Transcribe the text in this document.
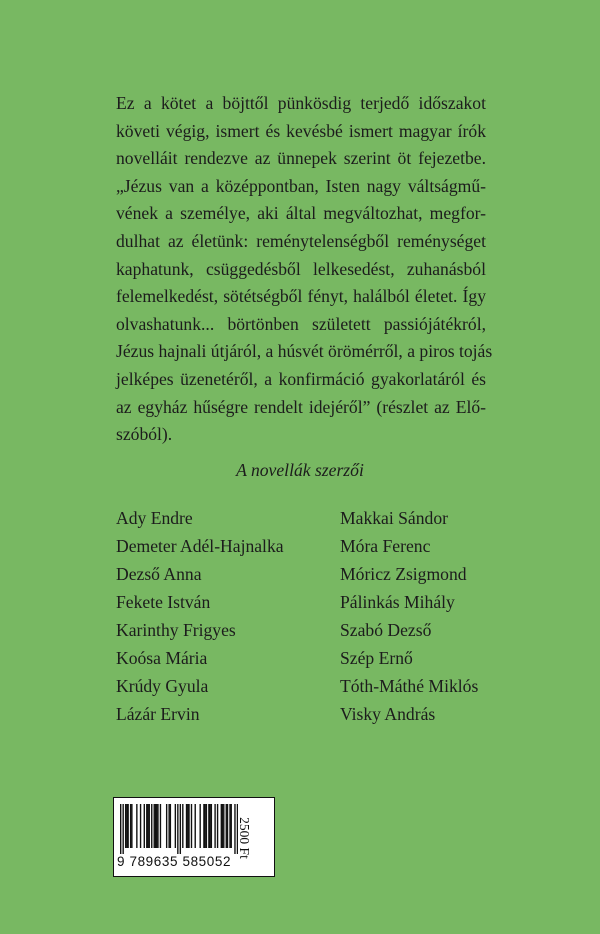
Ez a kötet a böjttől pünkösdig terjedő időszakot
követi végig, ismert és kevésbé ismert magyar írók
novelláit rendezve az ünnepek szerint öt fejezetbe.
„Jézus van a középpontban, Isten nagy váltságmű-
vének a személye, aki által megváltozhat, megfor-
dulhat az életünk: reménytelenségből reménységet
kaphatunk, csüggedésből lelkesedést, zuhanásból
felemelkedést, sötétségből fényt, halálból életet. Így
olvashatunk... börtönben született passiójátékról,
Jézus hajnali útjáról, a húsvét örömérről, a piros tojás
jelképes üzenetéről, a konfirmáció gyakorlatáról és
az egyház hűségre rendelt idejéről” (részlet az Elő-
szóból).
A novellák szerzői
Ady Endre
Demeter Adél-Hajnalka
Dezső Anna
Fekete István
Karinthy Frigyes
Koósa Mária
Krúdy Gyula
Lázár Ervin
Makkai Sándor
Móra Ferenc
Móricz Zsigmond
Pálinkás Mihály
Szabó Dezső
Szép Ernő
Tóth-Máthé Miklós
Visky András
9 789635 585052
2500 Ft
